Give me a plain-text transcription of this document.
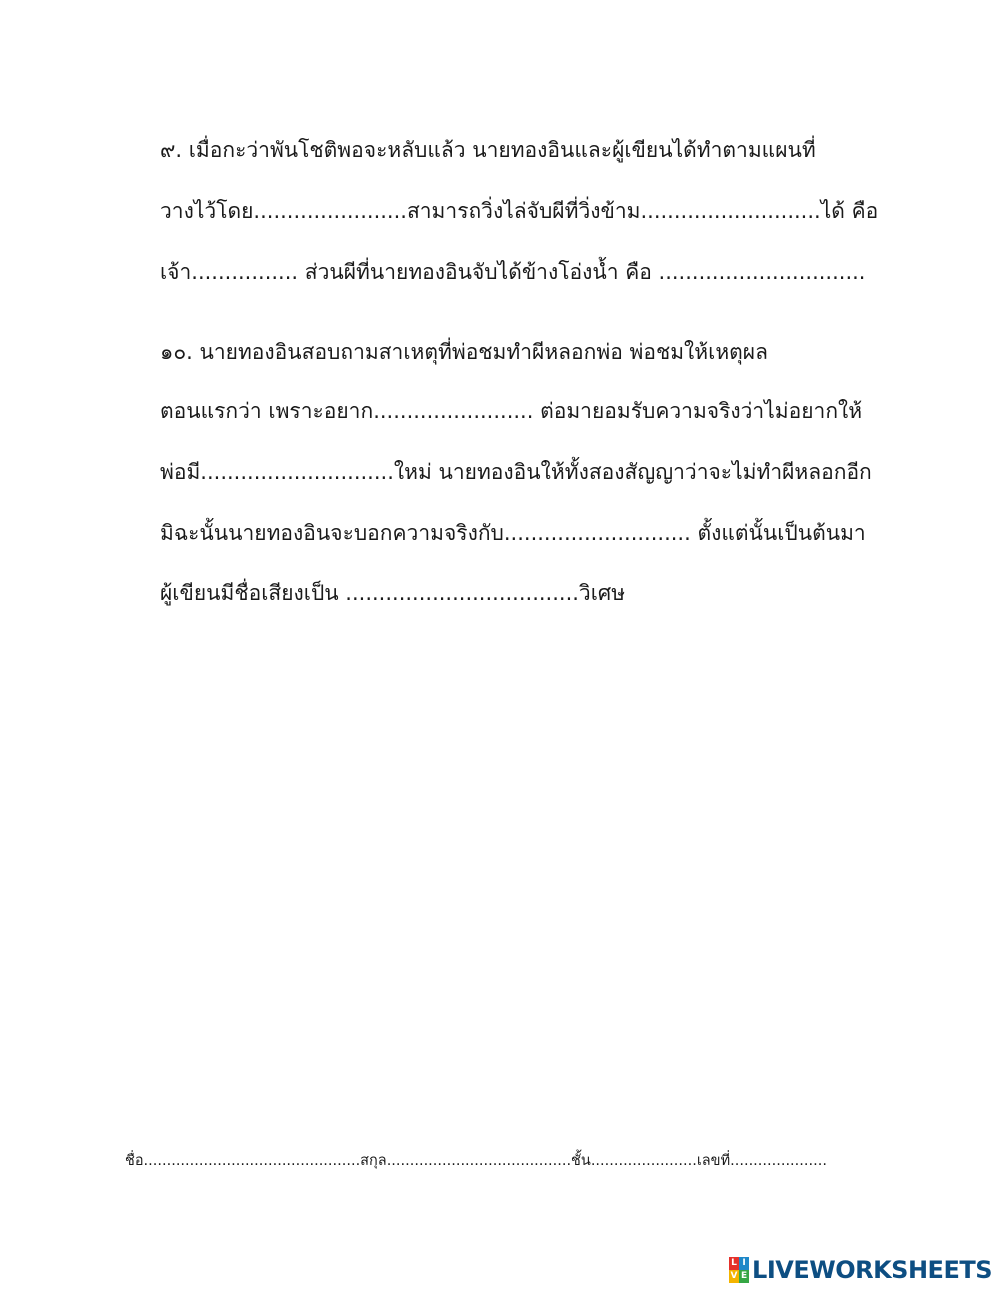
๙. เมื่อกะว่าพันโชติพอจะหลับแล้ว นายทองอินและผู้เขียนได้ทำตามแผนที่
วางไว้โดย.......................สามารถวิ่งไล่จับผีที่วิ่งข้าม...........................ได้ คือ
เจ้า................ ส่วนผีที่นายทองอินจับได้ข้างโอ่งน้ำ คือ ...............................
๑๐. นายทองอินสอบถามสาเหตุที่พ่อชมทำผีหลอกพ่อ พ่อชมให้เหตุผล
ตอนแรกว่า เพราะอยาก........................ ต่อมายอมรับความจริงว่าไม่อยากให้
พ่อมี.............................ใหม่ นายทองอินให้ทั้งสองสัญญาว่าจะไม่ทำผีหลอกอีก
มิฉะนั้นนายทองอินจะบอกความจริงกับ............................ ตั้งแต่นั้นเป็นต้นมา
ผู้เขียนมีชื่อเสียงเป็น ...................................วิเศษ
ชื่อ...............................................สกุล........................................ชั้น.......................เลขที่.....................
L I
V E LIVEWORKSHEETS
